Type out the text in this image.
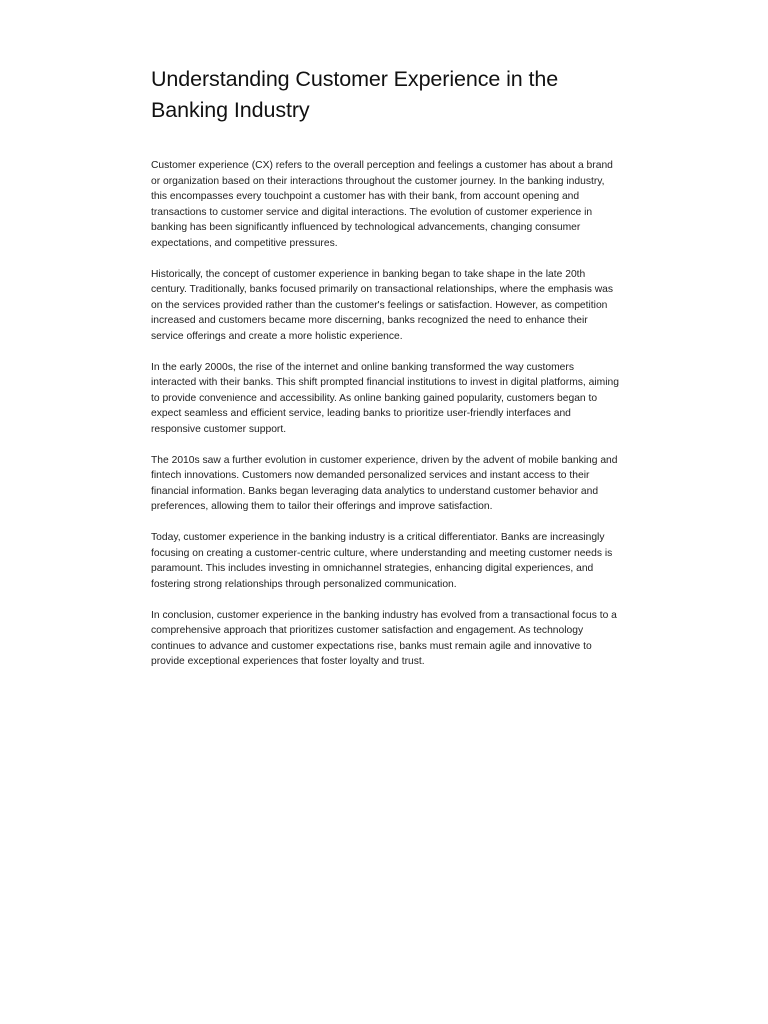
Understanding Customer Experience in the Banking Industry

Customer experience (CX) refers to the overall perception and feelings a customer has about a brand or organization based on their interactions throughout the customer journey. In the banking industry, this encompasses every touchpoint a customer has with their bank, from account opening and transactions to customer service and digital interactions. The evolution of customer experience in banking has been significantly influenced by technological advancements, changing consumer expectations, and competitive pressures.

Historically, the concept of customer experience in banking began to take shape in the late 20th century. Traditionally, banks focused primarily on transactional relationships, where the emphasis was on the services provided rather than the customer's feelings or satisfaction. However, as competition increased and customers became more discerning, banks recognized the need to enhance their service offerings and create a more holistic experience.

In the early 2000s, the rise of the internet and online banking transformed the way customers interacted with their banks. This shift prompted financial institutions to invest in digital platforms, aiming to provide convenience and accessibility. As online banking gained popularity, customers began to expect seamless and efficient service, leading banks to prioritize user-friendly interfaces and responsive customer support.

The 2010s saw a further evolution in customer experience, driven by the advent of mobile banking and fintech innovations. Customers now demanded personalized services and instant access to their financial information. Banks began leveraging data analytics to understand customer behavior and preferences, allowing them to tailor their offerings and improve satisfaction.

Today, customer experience in the banking industry is a critical differentiator. Banks are increasingly focusing on creating a customer-centric culture, where understanding and meeting customer needs is paramount. This includes investing in omnichannel strategies, enhancing digital experiences, and fostering strong relationships through personalized communication.

In conclusion, customer experience in the banking industry has evolved from a transactional focus to a comprehensive approach that prioritizes customer satisfaction and engagement. As technology continues to advance and customer expectations rise, banks must remain agile and innovative to provide exceptional experiences that foster loyalty and trust.
